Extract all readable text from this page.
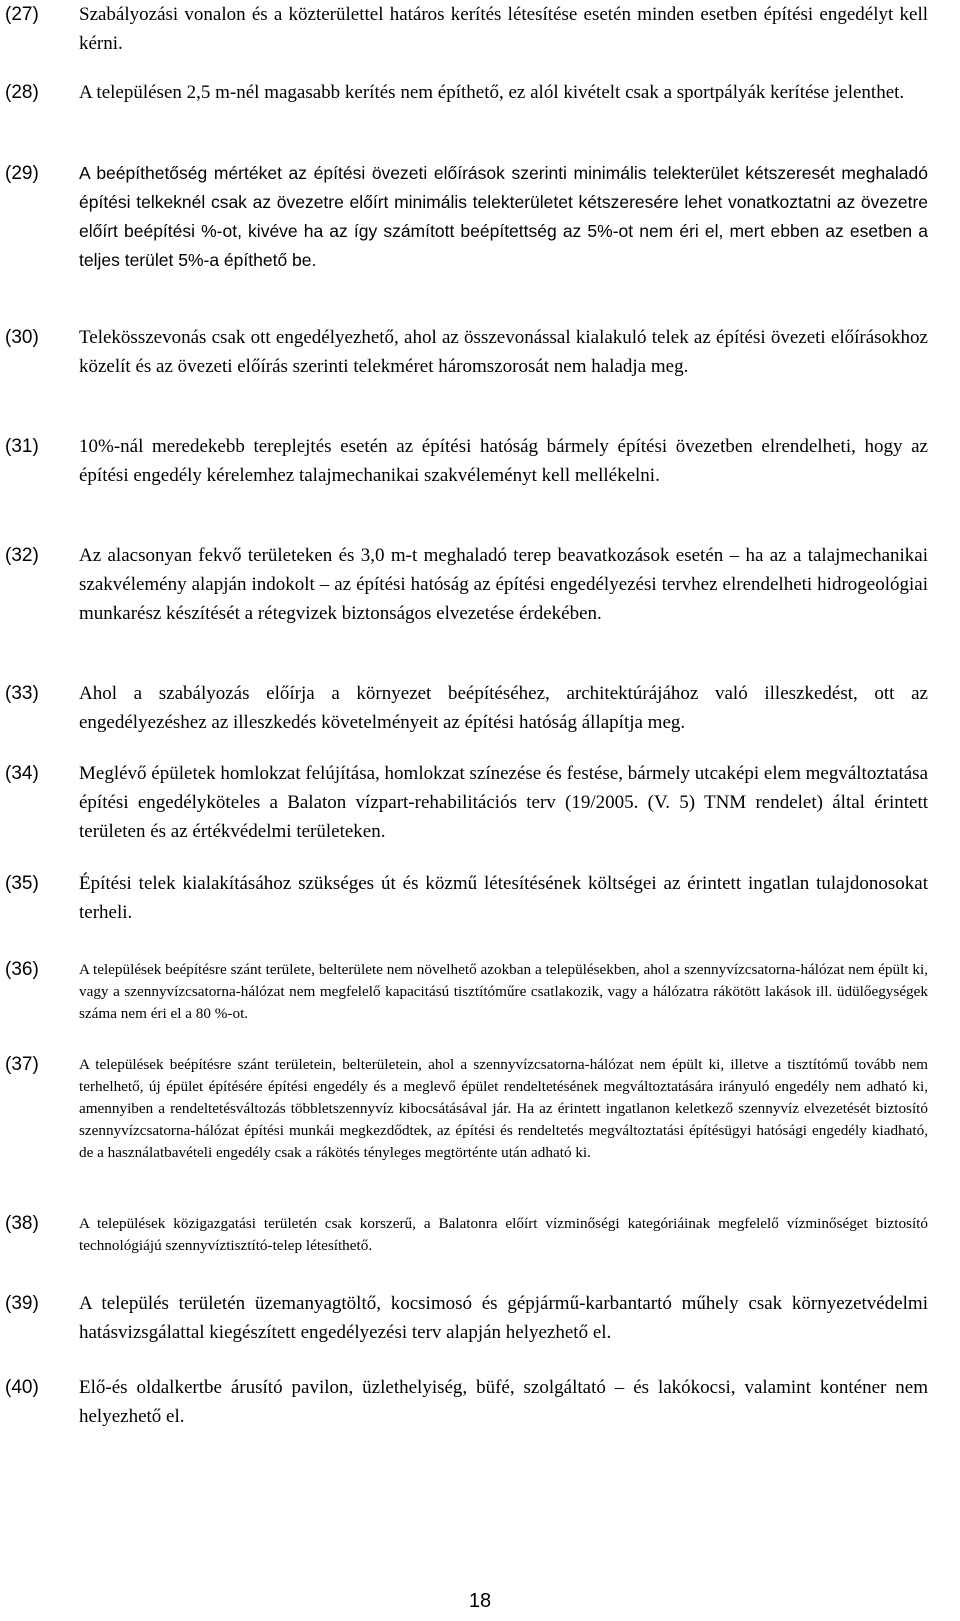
(27) Szabályozási vonalon és a közterülettel határos kerítés létesítése esetén minden esetben építési engedélyt kell kérni.

(28) A településen 2,5 m-nél magasabb kerítés nem építhető, ez alól kivételt csak a sportpályák kerítése jelenthet.

(29) A beépíthetőség mértéket az építési övezeti előírások szerinti minimális telekterület kétszeresét meghaladó építési telkeknél csak az övezetre előírt minimális telekterületet kétszeresére lehet vonatkoztatni az övezetre előírt beépítési %-ot, kivéve ha az így számított beépítettség az 5%-ot nem éri el, mert ebben az esetben a teljes terület 5%-a építhető be.

(30) Telekösszevonás csak ott engedélyezhető, ahol az összevonással kialakuló telek az építési övezeti előírásokhoz közelít és az övezeti előírás szerinti telekméret háromszorosát nem haladja meg.

(31) 10%-nál meredekebb tereplejtés esetén az építési hatóság bármely építési övezetben elrendelheti, hogy az építési engedély kérelemhez talajmechanikai szakvéleményt kell mellékelni.

(32) Az alacsonyan fekvő területeken és 3,0 m-t meghaladó terep beavatkozások esetén – ha az a talajmechanikai szakvélemény alapján indokolt – az építési hatóság az építési engedélyezési tervhez elrendelheti hidrogeológiai munkarész készítését a rétegvizek biztonságos elvezetése érdekében.

(33) Ahol a szabályozás előírja a környezet beépítéséhez, architektúrájához való illeszkedést, ott az engedélyezéshez az illeszkedés követelményeit az építési hatóság állapítja meg.

(34) Meglévő épületek homlokzat felújítása, homlokzat színezése és festése, bármely utcaképi elem megváltoztatása építési engedélyköteles a Balaton vízpart-rehabilitációs terv (19/2005. (V. 5) TNM rendelet) által érintett területen és az értékvédelmi területeken.

(35) Építési telek kialakításához szükséges út és közmű létesítésének költségei az érintett ingatlan tulajdonosokat terheli.

(36)	A települések beépítésre szánt területe, belterülete nem növelhető azokban a településekben, ahol a szennyvízcsatorna-hálózat nem épült ki, vagy a szennyvízcsatorna-hálózat nem megfelelő kapacitású tisztítóműre csatlakozik, vagy a hálózatra rákötött lakások ill. üdülőegységek száma nem éri el a 80 %-ot.

(37)	A települések beépítésre szánt területein, belterületein, ahol a szennyvízcsatorna-hálózat nem épült ki, illetve a tisztítómű tovább nem terhelhető, új épület építésére építési engedély és a meglevő épület rendeltetésének megváltoztatására irányuló engedély nem adható ki, amennyiben a rendeltetésváltozás többletszennyvíz kibocsátásával jár. Ha az érintett ingatlanon keletkező szennyvíz elvezetését biztosító szennyvízcsatorna-hálózat építési munkái megkezdődtek, az építési és rendeltetés megváltoztatási építésügyi hatósági engedély kiadható, de a használatbavételi engedély csak a rákötés tényleges megtörténte után adható ki.

(38)	A települések közigazgatási területén csak korszerű, a Balatonra előírt vízminőségi kategóriáinak megfelelő vízminőséget biztosító technológiájú szennyvíztisztító-telep létesíthető.

(39) A település területén üzemanyagtöltő, kocsimosó és gépjármű-karbantartó műhely csak környezetvédelmi hatásvizsgálattal kiegészített engedélyezési terv alapján helyezhető el.

(40) Elő-és oldalkertbe árusító pavilon, üzlethelyiség, büfé, szolgáltató – és lakókocsi, valamint konténer nem helyezhető el.

18
